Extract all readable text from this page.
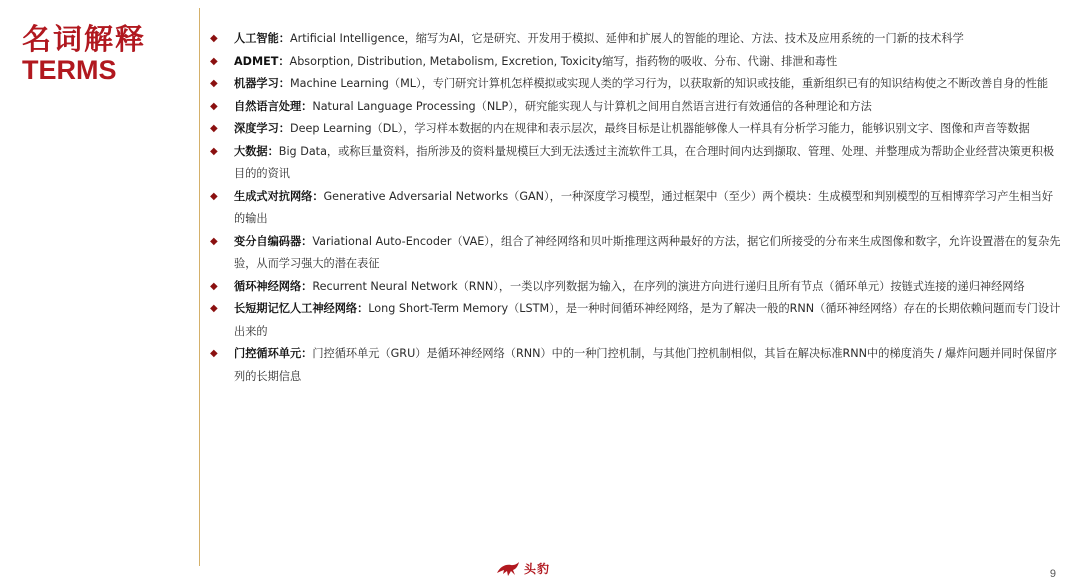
名词解释
TERMS
◆ 人工智能：Artificial Intelligence，缩写为AI，它是研究、开发用于模拟、延伸和扩展人的智能的理论、方法、技术及应用系统的一门新的技术科学
◆ ADMET：Absorption, Distribution, Metabolism, Excretion, Toxicity缩写，指药物的吸收、分布、代谢、排泄和毒性
◆ 机器学习：Machine Learning（ML），专门研究计算机怎样模拟或实现人类的学习行为，以获取新的知识或技能，重新组织已有的知识结构使之不断改善自身的性能
◆ 自然语言处理：Natural Language Processing（NLP），研究能实现人与计算机之间用自然语言进行有效通信的各种理论和方法
◆ 深度学习：Deep Learning（DL），学习样本数据的内在规律和表示层次，最终目标是让机器能够像人一样具有分析学习能力，能够识别文字、图像和声音等数据
◆ 大数据：Big Data，或称巨量资料，指所涉及的资料量规模巨大到无法透过主流软件工具，在合理时间内达到撷取、管理、处理、并整理成为帮助企业经营决策更积极目的的资讯
◆ 生成式对抗网络：Generative Adversarial Networks（GAN），一种深度学习模型，通过框架中（至少）两个模块：生成模型和判别模型的互相博弈学习产生相当好的输出
◆ 变分自编码器：Variational Auto-Encoder（VAE），组合了神经网络和贝叶斯推理这两种最好的方法，据它们所接受的分布来生成图像和数字，允许设置潜在的复杂先验，从而学习强大的潜在表征
◆ 循环神经网络：Recurrent Neural Network（RNN），一类以序列数据为输入，在序列的演进方向进行递归且所有节点（循环单元）按链式连接的递归神经网络
◆ 长短期记忆人工神经网络：Long Short-Term Memory（LSTM），是一种时间循环神经网络，是为了解决一般的RNN（循环神经网络）存在的长期依赖问题而专门设计出来的
◆ 门控循环单元：门控循环单元（GRU）是循环神经网络（RNN）中的一种门控机制，与其他门控机制相似，其旨在解决标准RNN中的梯度消失 / 爆炸问题并同时保留序列的长期信息
头豹	9
